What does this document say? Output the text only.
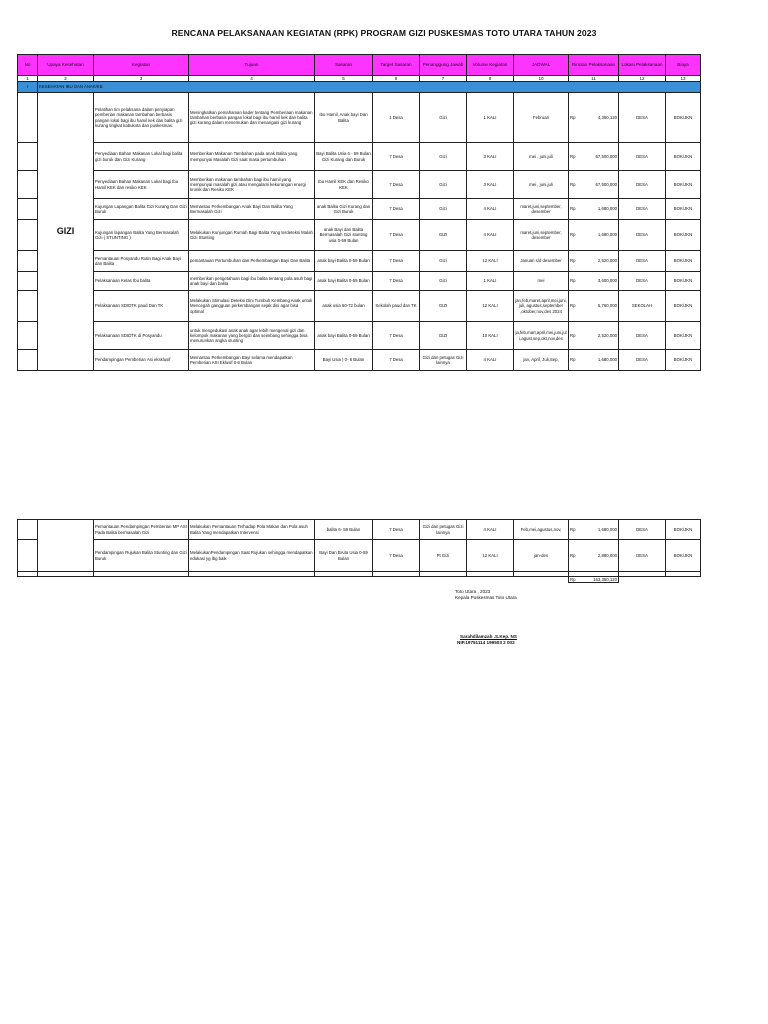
RENCANA PELAKSANAAN KEGIATAN (RPK) PROGRAM GIZI PUSKESMAS TOTO UTARA TAHUN 2023
No	Upaya Kesehatan	Kegiatan	Tujuan	Sasaran	Target Sasaran	Penanggung Jawab	Volume Kegiatan	JADWAL	Rincian Pelaksanaan	Lokasi Pelaksanaan	Biaya
1	2	3	4	5	6	7	8	10	11	12	13
I	KESEHATAN IBU DAN ANAK/KB										
	GIZI	Pelatihan tim pelaksana dalam penyiapan pemberian makanan tambahan berbasis pangan lokal bagi ibu hamil kek dan balita gizi kurang tingkat kabukota dan puskesmas.	Meningkatkan pemahaman kader tentang Pemberiaan makanan tambahan berbasis pangan lokal bagi ibu hamil kek dan balita gizi kurang dalam menemukan dan menangani gizi kurang	Ibu Hamil, Anak bayi Dan Balita	1 Desa	Gizi	1 KALI	Februari	Rp 4,350,120	DESA	BOK/JKN
		Penyediaan Bahan Makanan Lokal bagi balita gizi buruk dan Gizi Kurang	Memberikan Makanan Tambahan pada anak Balita yang mempunyai Masalah Gizi saat masa pertumbuhan	Bayi Balita Usia 6 - 59 Bulan Gizi Kurang dan Buruk	7 Desa	Gizi	3 KALI	mei , juni.juli	Rp 67,500,000	DESA	BOK/JKN
		Penyediaan Bahan Makanan Lokal bagi Ibu Hamil KEK dan resiko KEK	Memberikan makanan tambahan bagi ibu hamil yang mempunyai masalah gizi atau mengalami kekurangan energi kronik dan Resiko KEK	Ibu Hamil KEK dan Resiko KEK	7 Desa	Gizi	3 KALI	mei , juni.juli	Rp 67,500,000	DESA	BOK/JKN
		Kujungan Lapangan Balita Gizi Kurang Dan Gizi Buruk	Memantau Perkembangan Anak Bayi Dan Balita Yang Bermasalah Gizi	anak Balita Gizi Kurang dan Gizi Buruk	7 Desa	Gizi	4 KALI	maret,juni,september, desember	Rp 1,680,000	DESA	BOK/JKN
		Kujungan lapangan Balita Yang Bermasalah Gizi ( STUNTING )	Melakukan Kunjungan Rumah Bagi Balita Yang terdeteksi Malah Gizi Stunting	anak Bayi dan Balita Bermasalah Gizi stunting usia 0-59 Bulan	7 Desa	GIZI	4 KALI	maret,juni,september, desember	Rp 1,680,000	DESA	BOK/JKN
		Pemantauan Posyandu Rutin Bagi Anak Bayi dan Balita	pemantauan Pertumbuhan dan Perkembangan Bayi Dan Balita	anak bayi Balita 0-59 Bulan	7 Desa	Gizi	12 KALI	Januari s/d desember	Rp 2,520,000	DESA	BOK/JKN
		Pelaksanaan Kelas Ibu balita	memberikan pengetahuan bagi ibu balita tentang pola asuh bagi anak bayi dan balita	anak bayi Balita 0-59 Bulan	7 Desa	Gizi	1 KALI	mei	Rp 3,600,000	DESA	BOK/JKN
		Pelaksanaan SDIDTK paud Dan TK	Melakukan Stimulasi Deteksi Dini Tumbuh Kembang Anak untuk Mencegah gangguan perkembangan sejak dini agar bisa optimal	anak usia 60-72 bulan	Sekolah paud dan TK	GIZI	12 KALI	jan,feb,maret,april,mei,juni,juli, agustus,september ,oktober,nov,des 2024	Rp 5,760,000	SEKOLAH	BOK/JKN
		Pelaksanaan SDIDTK di Posyandu	untuk mengedukasi anak anak agar lebih mengenal gizi dan kelompok makanan yang bergizi dan seimbang sehingga bisa menurunkan angka stunting	anak bayi Balita 0-59 Bulan	7 Desa	GIZI	10 KALI	ja,feb,mart,april,mei,juni,juli,agust,sep,okt,nov,des	Rp 2,520,000	DESA	BOK/JKN
		Pendampingan Pemberian Asi eksklusif	Memantau Perkembangan Bayi selama mendapatkan Pemberian ASI Eklusif 0-6 Bulan	Bayi Usia ) 0- 6 Bulan	7 Desa	Gizi dan petugas Gizi lainnya	4 KALI	jan, April, Juli,Sep,	Rp 1,680,000	DESA	BOK/JKN
		Pemantauan Pendampingan Pemberian MP ASI Pada Balita bermasalah Gizi	Melakukan Pemantauan Terhadap Pola Makan dan Pola asuh Balita Yang mendapatkan Intervensi	balita 6- 59 Bulan	7 Desa	Gizi dan petugas Gizi lainnya	4 KALI	Feb,mei,agustus,nov,	Rp 1,680,000	DESA	BOK/JKN
		Pendampingan Rujukan Balita Stunting dan Gizi Buruk	MelakukanPendampingan Saat Rujukan sehingga mendapatkan edukasi yg lbg baik	Bayi Dan BAita Usia 0-59 Bulan	7 Desa	Pt Gizi	12 KALI	jan-des	Rp 2,880,000	DESA	BOK/JKN

									Rp 163,350,120		

Toto Utara , 2023
Kepala Puskesmas Toto Utara
Sarahdilamzah .S.Kep. NS
NIP.19751114 199503 2 002
